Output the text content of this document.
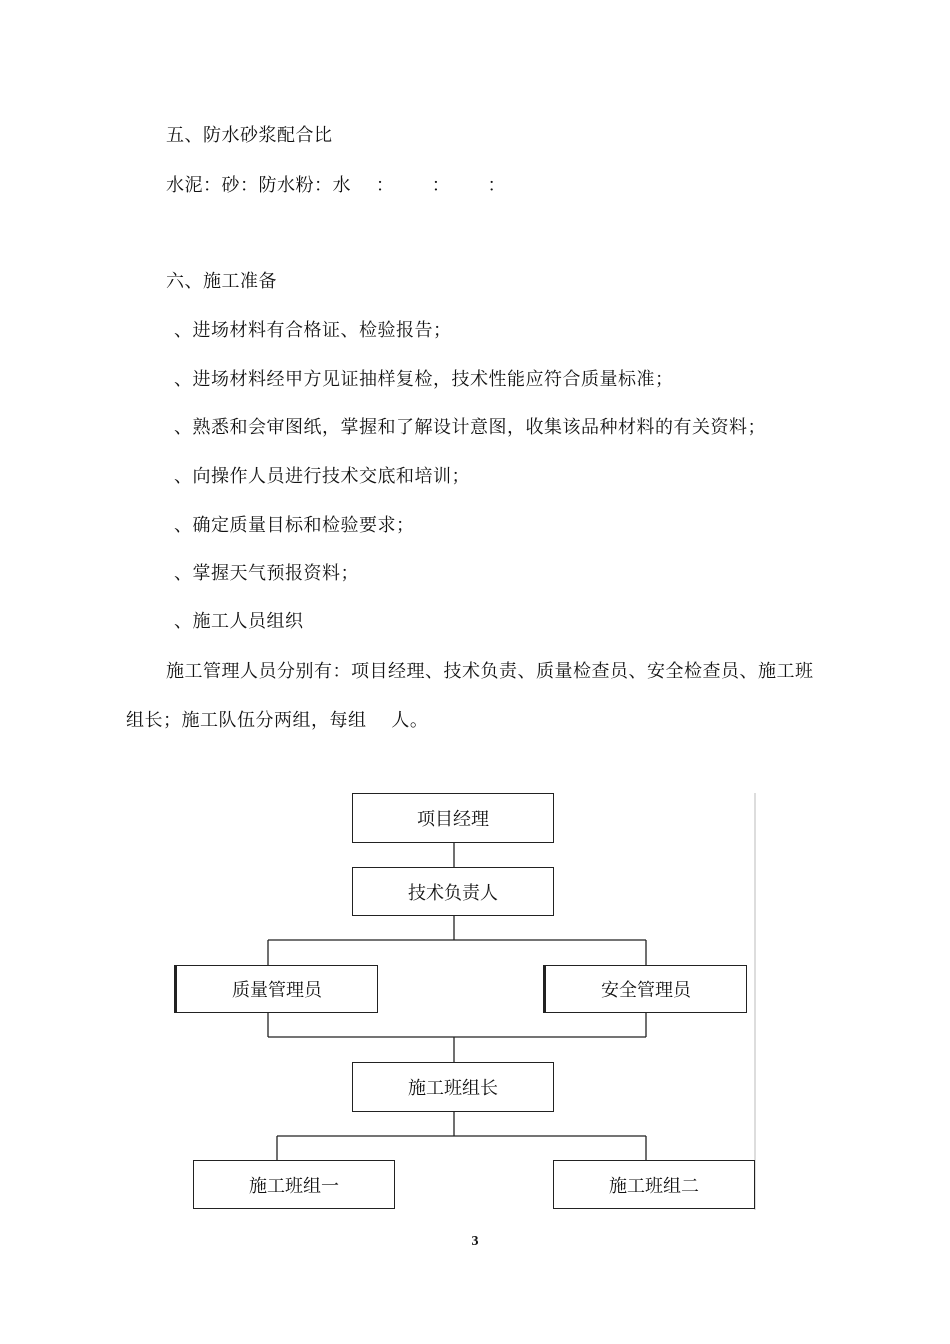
五、防水砂浆配合比
水泥：砂：防水粉：水    ：      ：      ：
六、施工准备
、进场材料有合格证、检验报告；
、进场材料经甲方见证抽样复检，技术性能应符合质量标准；
、熟悉和会审图纸，掌握和了解设计意图，收集该品种材料的有关资料；
、向操作人员进行技术交底和培训；
、确定质量目标和检验要求；
、掌握天气预报资料；
、施工人员组织
施工管理人员分别有：项目经理、技术负责、质量检查员、安全检查员、施工班
组长；施工队伍分两组，每组    人。
项目经理
技术负责人
质量管理员	安全管理员
施工班组长
施工班组一	施工班组二
3
